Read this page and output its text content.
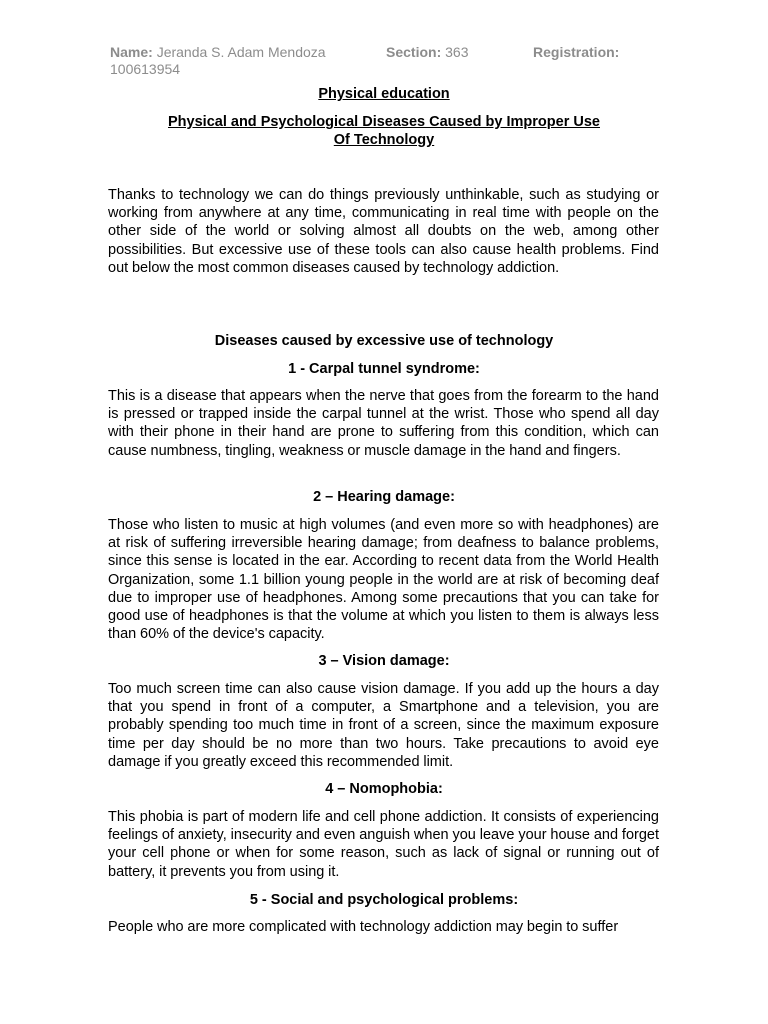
Name: Jeranda S. Adam Mendoza	Section: 363	Registration:
100613954
Physical education
Physical and Psychological Diseases Caused by Improper Use
Of Technology
Thanks to technology we can do things previously unthinkable, such as studying or working from anywhere at any time, communicating in real time with people on the other side of the world or solving almost all doubts on the web, among other possibilities. But excessive use of these tools can also cause health problems. Find out below the most common diseases caused by technology addiction.
Diseases caused by excessive use of technology
1 - Carpal tunnel syndrome:
This is a disease that appears when the nerve that goes from the forearm to the hand is pressed or trapped inside the carpal tunnel at the wrist. Those who spend all day with their phone in their hand are prone to suffering from this condition, which can cause numbness, tingling, weakness or muscle damage in the hand and fingers.
2 – Hearing damage:
Those who listen to music at high volumes (and even more so with headphones) are at risk of suffering irreversible hearing damage; from deafness to balance problems, since this sense is located in the ear. According to recent data from the World Health Organization, some 1.1 billion young people in the world are at risk of becoming deaf due to improper use of headphones. Among some precautions that you can take for good use of headphones is that the volume at which you listen to them is always less than 60% of the device's capacity.
3 – Vision damage:
Too much screen time can also cause vision damage. If you add up the hours a day that you spend in front of a computer, a Smartphone and a television, you are probably spending too much time in front of a screen, since the maximum exposure time per day should be no more than two hours. Take precautions to avoid eye damage if you greatly exceed this recommended limit.
4 – Nomophobia:
This phobia is part of modern life and cell phone addiction. It consists of experiencing feelings of anxiety, insecurity and even anguish when you leave your house and forget your cell phone or when for some reason, such as lack of signal or running out of battery, it prevents you from using it.
5 - Social and psychological problems:
People who are more complicated with technology addiction may begin to suffer
